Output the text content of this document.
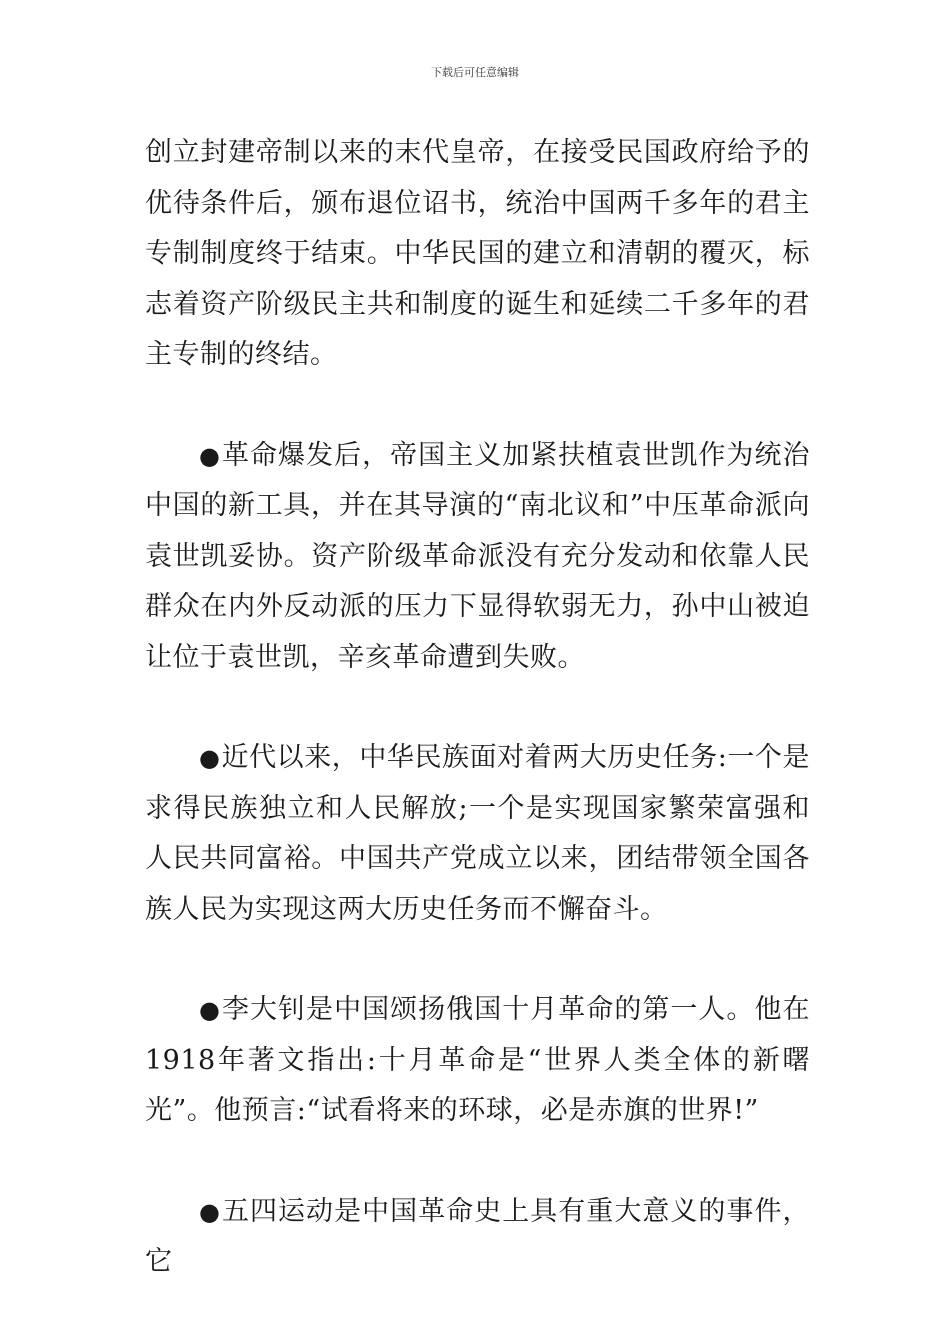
下载后可任意编辑

创立封建帝制以来的末代皇帝，在接受民国政府给予的优待条件后，颁布退位诏书，统治中国两千多年的君主专制制度终于结束。中华民国的建立和清朝的覆灭，标志着资产阶级民主共和制度的诞生和延续二千多年的君主专制的终结。

●革命爆发后，帝国主义加紧扶植袁世凯作为统治中国的新工具，并在其导演的“南北议和”中压革命派向袁世凯妥协。资产阶级革命派没有充分发动和依靠人民群众在内外反动派的压力下显得软弱无力，孙中山被迫让位于袁世凯，辛亥革命遭到失败。

●近代以来，中华民族面对着两大历史任务:一个是求得民族独立和人民解放;一个是实现国家繁荣富强和人民共同富裕。中国共产党成立以来，团结带领全国各族人民为实现这两大历史任务而不懈奋斗。

●李大钊是中国颂扬俄国十月革命的第一人。他在1918年著文指出:十月革命是“世界人类全体的新曙光”。他预言:“试看将来的环球，必是赤旗的世界!”

●五四运动是中国革命史上具有重大意义的事件，它
